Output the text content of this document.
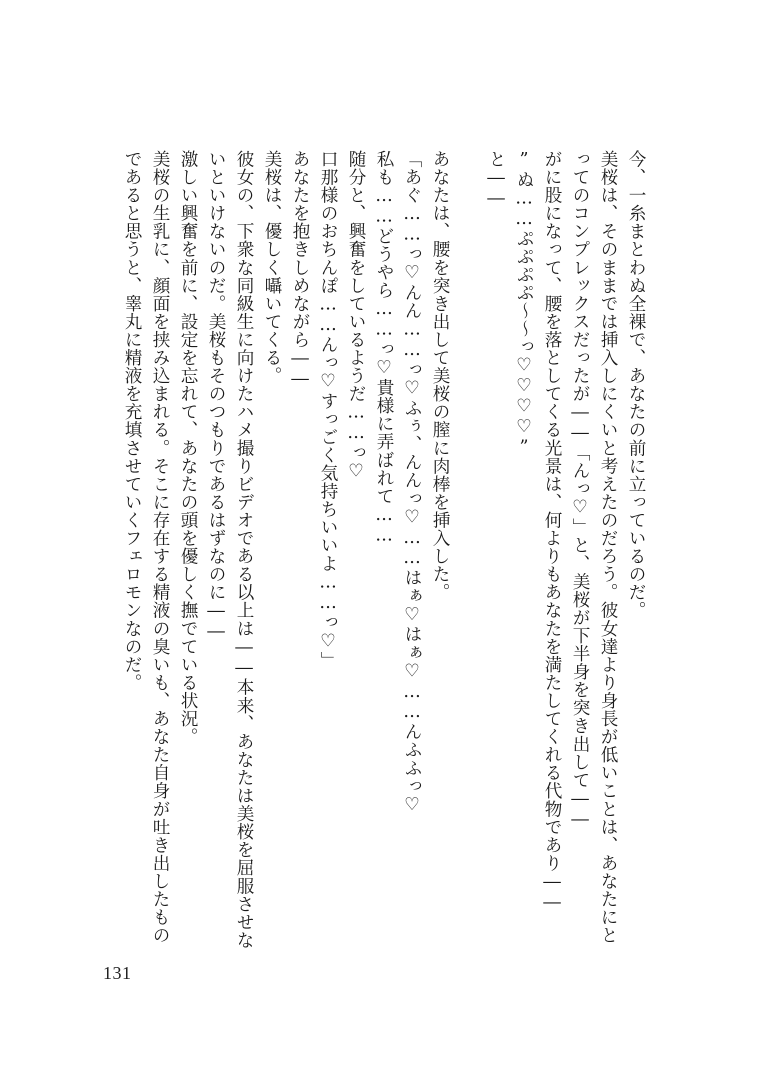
今、一糸まとわぬ全裸で、あなたの前に立っているのだ。
美桜は、そのままでは挿入しにくいと考えたのだろう。彼女達より身長が低いことは、あなたにと
ってのコンプレックスだったが――「んっ♡」と、美桜が下半身を突き出して――
がに股になって、腰を落としてくる光景は、何よりもあなたを満たしてくれる代物であり――
”ぬ……ぷぷぷぷ～～っ♡♡♡♡”
と――
あなたは、腰を突き出して美桜の膣に肉棒を挿入した。
「あぐ……っ♡んん……っ♡ふぅ、んんっ♡……はぁ♡はぁ♡……んふふっ♡
私も……どうやら……っ♡貴様に弄ばれて……
随分と、興奮をしているようだ……っ♡
口那様のおちんぽ……んっ♡すっごく気持ちいいよ……っ♡」
あなたを抱きしめながら――
美桜は、優しく囁いてくる。
彼女の、下衆な同級生に向けたハメ撮りビデオである以上は――本来、あなたは美桜を屈服させな
いといけないのだ。美桜もそのつもりであるはずなのに――
激しい興奮を前に、設定を忘れて、あなたの頭を優しく撫でている状況。
美桜の生乳に、顔面を挟み込まれる。そこに存在する精液の臭いも、あなた自身が吐き出したもの
であると思うと、睾丸に精液を充填させていくフェロモンなのだ。
131
